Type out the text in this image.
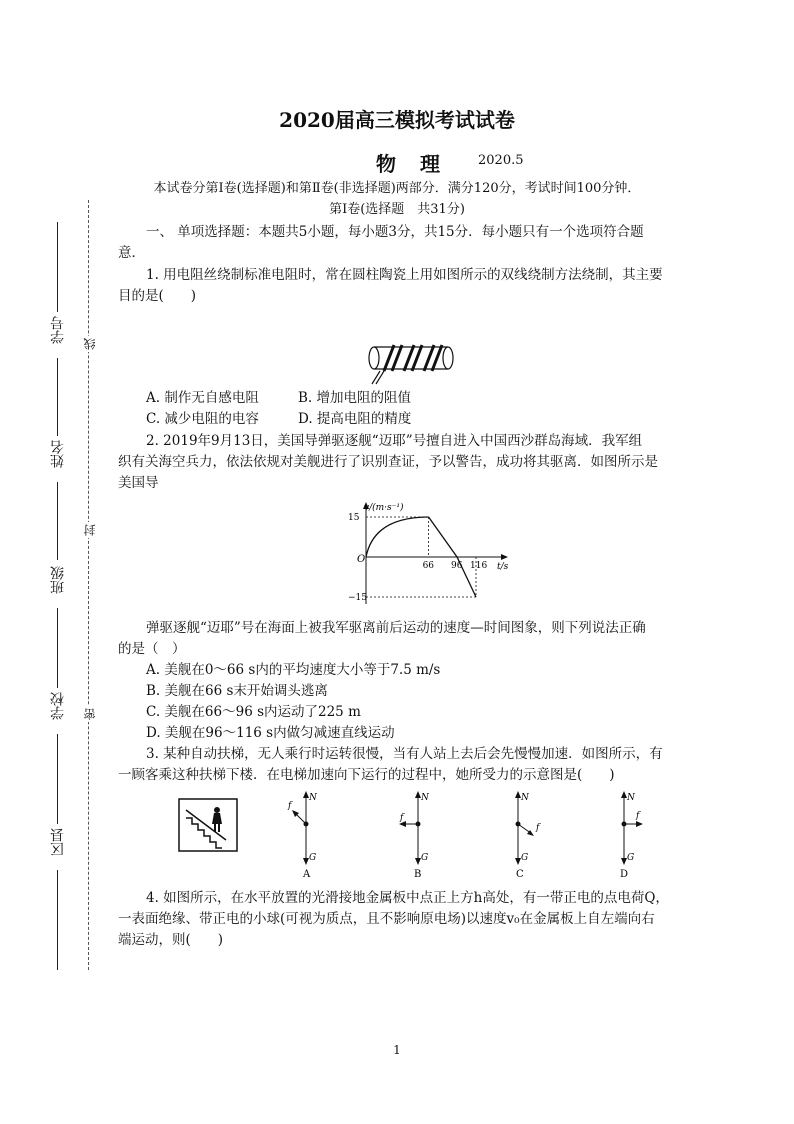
学号
姓名
班级
学校
区县
线
封
密
2020届高三模拟考试试卷
物　理	2020.5
本试卷分第Ⅰ卷(选择题)和第Ⅱ卷(非选择题)两部分．满分120分，考试时间100分钟．
第Ⅰ卷(选择题　共31分)
一、 单项选择题：本题共5小题，每小题3分，共15分．每小题只有一个选项符合题
意．
1. 用电阻丝绕制标准电阻时，常在圆柱陶瓷上用如图所示的双线绕制方法绕制，其主要
目的是(　　)
A. 制作无自感电阻	B. 增加电阻的阻值
C. 减少电阻的电容	D. 提高电阻的精度
2. 2019年9月13日，美国导弹驱逐舰“迈耶”号擅自进入中国西沙群岛海域．我军组
织有关海空兵力，依法依规对美舰进行了识别查证，予以警告，成功将其驱离．如图所示是
美国导
66 96 116
15
−15
v/(m·s⁻¹)
O
t/s
弹驱逐舰“迈耶”号在海面上被我军驱离前后运动的速度—时间图象，则下列说法正确
的是（　）
A. 美舰在0～66 s内的平均速度大小等于7.5 m/s
B. 美舰在66 s末开始调头逃离
C. 美舰在66～96 s内运动了225 m
D. 美舰在96～116 s内做匀减速直线运动
3. 某种自动扶梯，无人乘行时运转很慢，当有人站上去后会先慢慢加速．如图所示，有
一顾客乘这种扶梯下楼．在电梯加速向下运行的过程中，她所受力的示意图是(　　)
N
f
G
A
N
f
G
B
N
f
G
C
N
f
G
D
4. 如图所示，在水平放置的光滑接地金属板中点正上方h高处，有一带正电的点电荷Q，
一表面绝缘、带正电的小球(可视为质点，且不影响原电场)以速度v₀在金属板上自左端向右
端运动，则(　　)
1
